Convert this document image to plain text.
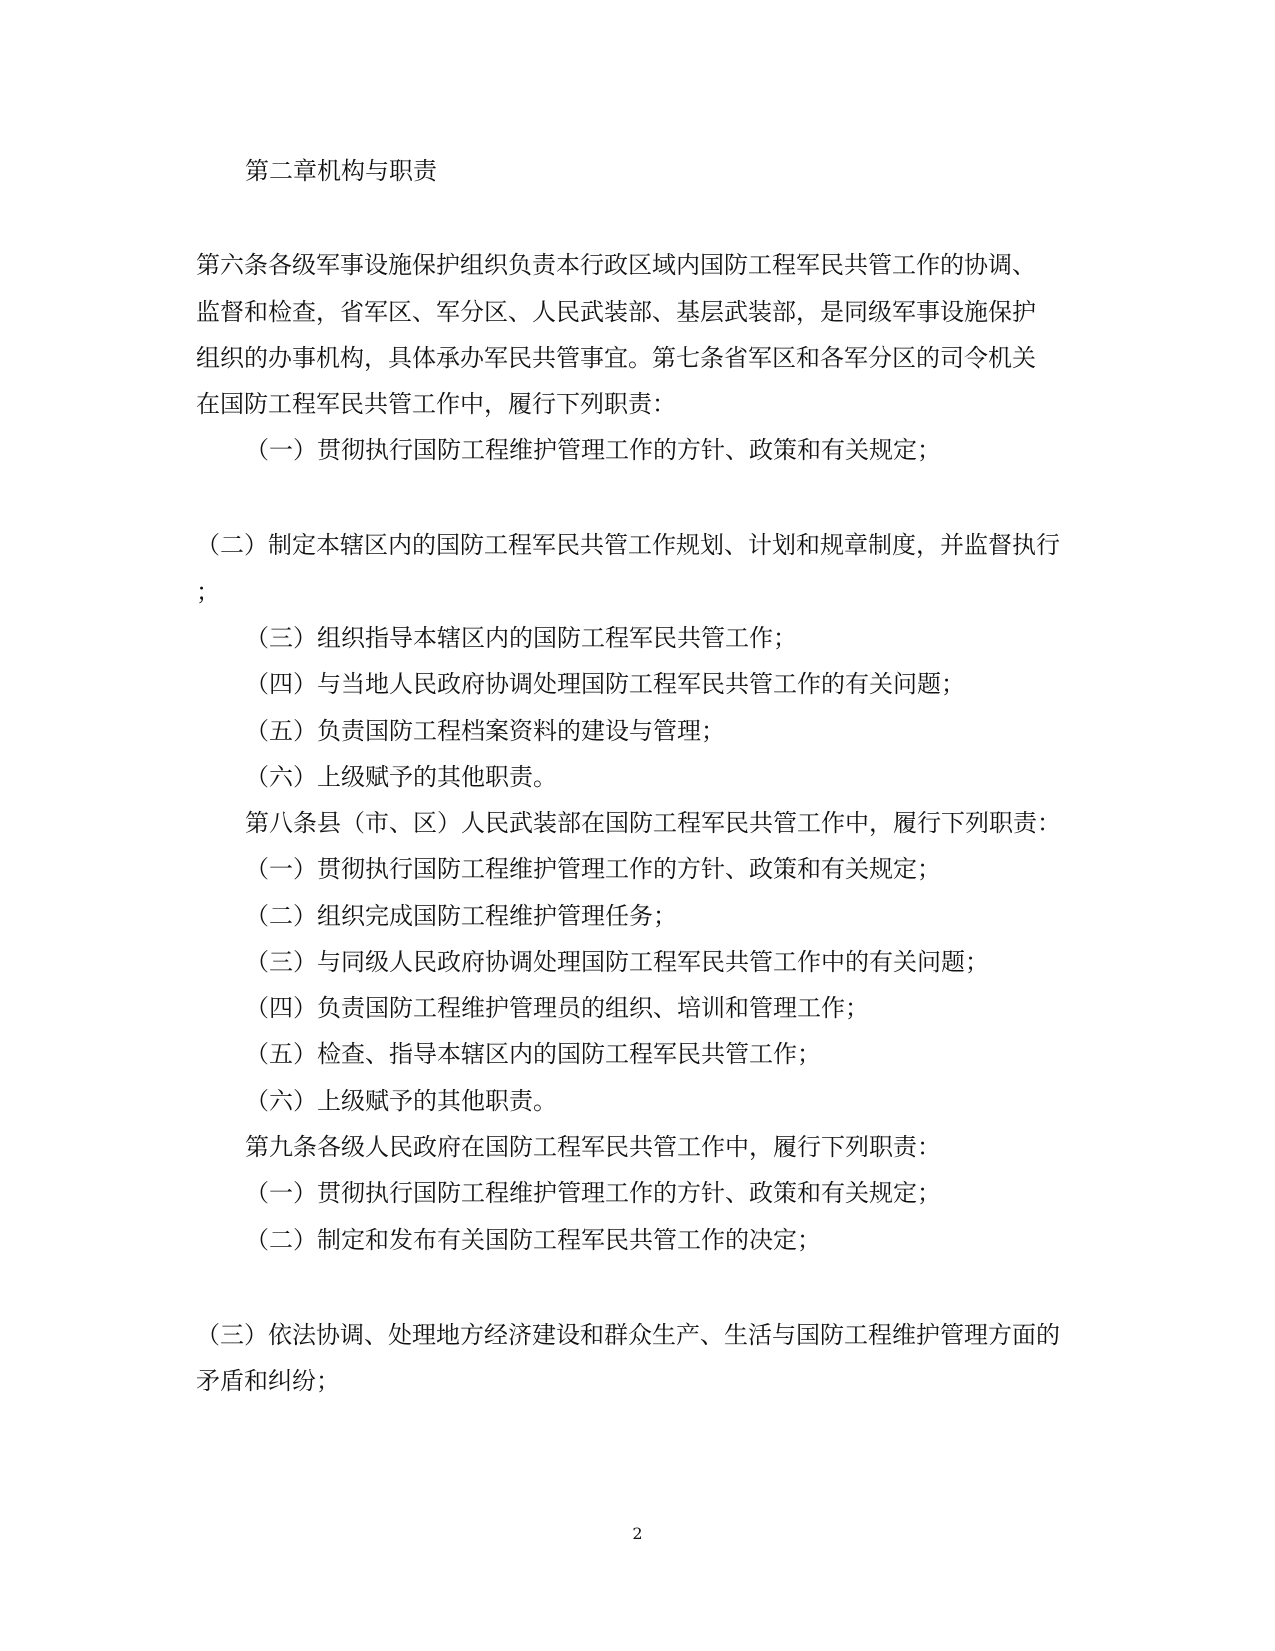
第二章机构与职责
第六条各级军事设施保护组织负责本行政区域内国防工程军民共管工作的协调、
监督和检查，省军区、军分区、人民武装部、基层武装部，是同级军事设施保护
组织的办事机构，具体承办军民共管事宜。第七条省军区和各军分区的司令机关
在国防工程军民共管工作中，履行下列职责：
（一）贯彻执行国防工程维护管理工作的方针、政策和有关规定；
（二）制定本辖区内的国防工程军民共管工作规划、计划和规章制度，并监督执行
；
（三）组织指导本辖区内的国防工程军民共管工作；
（四）与当地人民政府协调处理国防工程军民共管工作的有关问题；
（五）负责国防工程档案资料的建设与管理；
（六）上级赋予的其他职责。
第八条县（市、区）人民武装部在国防工程军民共管工作中，履行下列职责：
（一）贯彻执行国防工程维护管理工作的方针、政策和有关规定；
（二）组织完成国防工程维护管理任务；
（三）与同级人民政府协调处理国防工程军民共管工作中的有关问题；
（四）负责国防工程维护管理员的组织、培训和管理工作；
（五）检查、指导本辖区内的国防工程军民共管工作；
（六）上级赋予的其他职责。
第九条各级人民政府在国防工程军民共管工作中，履行下列职责：
（一）贯彻执行国防工程维护管理工作的方针、政策和有关规定；
（二）制定和发布有关国防工程军民共管工作的决定；
（三）依法协调、处理地方经济建设和群众生产、生活与国防工程维护管理方面的
矛盾和纠纷；
2
